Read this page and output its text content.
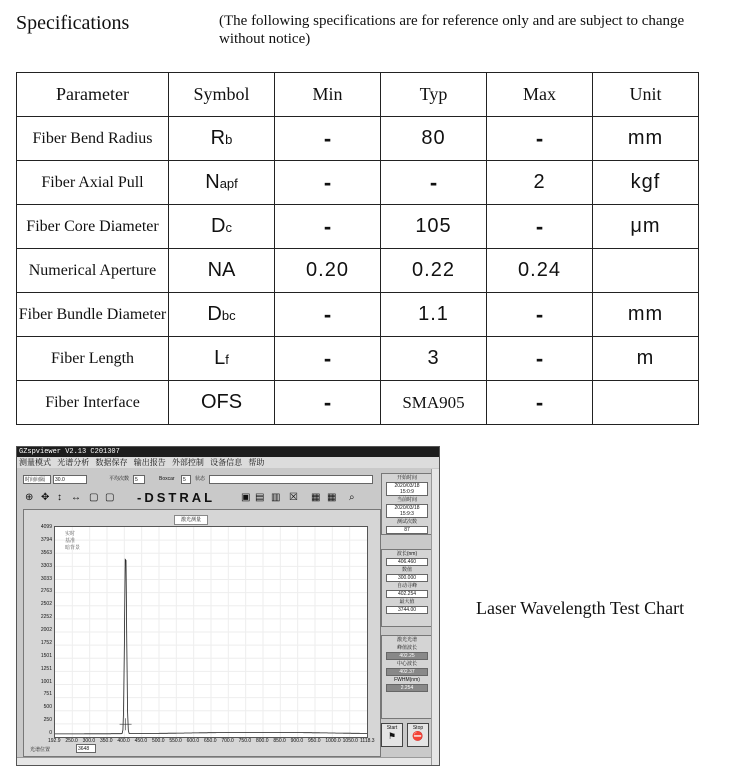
Specifications	(The following specifications are for reference only and are subject to change without notice)
Parameter	Symbol	Min	Typ	Max	Unit
Fiber Bend Radius	Rb	-	80	-	mm
Fiber Axial Pull	Napf	-	-	2	kgf
Fiber Core Diameter	Dc	-	105	-	μm
Numerical Aperture	NA	0.20	0.22	0.24	
Fiber Bundle Diameter	Dbc	-	1.1	-	mm
Fiber Length	Lf	-	3	-	m
Fiber Interface	OFS	-	SMA905	-	
Laser Wavelength Test Chart
GZspviewer V2.13 C201307
测量模式 光谱分析 数据保存 输出报告 外部控制 设备信息 帮助
时间间隔	30.0	平均次数	5	Boxcar	5	状态
⊕ ✥ ↕ ↔ ▢ ▢ -DSTRAL	▣ ▤ ▥ ☒ ▦ ▦ ⌕
激光测量
实时
基准
暗背景
4099
3794
3563
3303
3033
2763
2502
2252
2002
1752
1501
1251
1001
751
500
250
0
192.9 250.0 300.0 350.0 400.0 450.0 500.0 550.0 600.0 650.0 700.0 750.0 800.0 850.0 900.0 950.0 1000.0 1050.0 1118.3
光谱位置	3648
开始时间
2020/03/18 15:0:9
当前时间
2020/03/18 15:9:3
测试次数
87
波长(nm)
406.460
数值
300.000
自动寻峰
402.254
最大值
3744.00
激光光谱
峰值波长
402.25
中心波长
402.37
FWHM(nm)
2.254
Start
⚑
Stop
⛔
